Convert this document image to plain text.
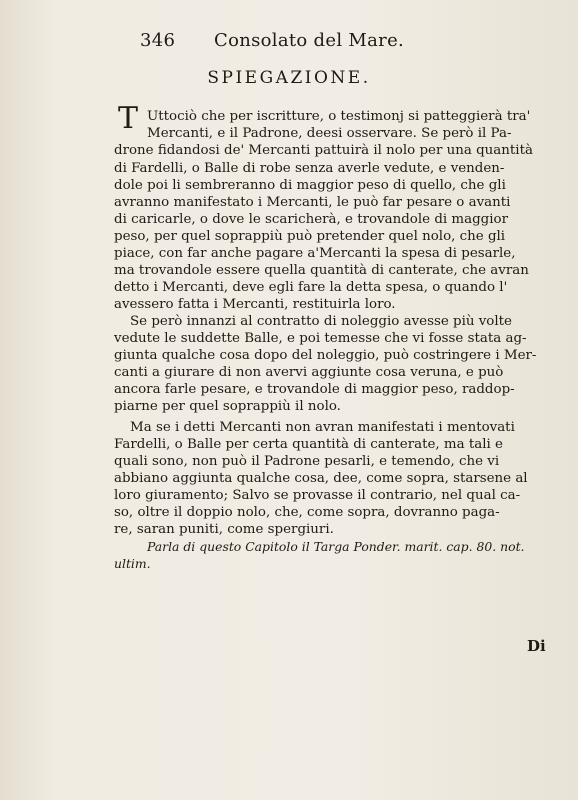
346 Consolato del Mare.
SPIEGAZIONE.
T Uttociò che per iscritture, o testimonj si patteggierà tra'
Mercanti, e il Padrone, deesi osservare. Se però il Pa-
drone fidandosi de' Mercanti pattuirà il nolo per una quantità
di Fardelli, o Balle di robe senza averle vedute, e venden-
dole poi li sembreranno di maggior peso di quello, che gli
avranno manifestato i Mercanti, le può far pesare o avanti
di caricarle, o dove le scaricherà, e trovandole di maggior
peso, per quel soprappiù può pretender quel nolo, che gli
piace, con far anche pagare a'Mercanti la spesa di pesarle,
ma trovandole essere quella quantità di canterate, che avran
detto i Mercanti, deve egli fare la detta spesa, o quando l'
avessero fatta i Mercanti, restituirla loro.
Se però innanzi al contratto di noleggio avesse più volte
vedute le suddette Balle, e poi temesse che vi fosse stata ag-
giunta qualche cosa dopo del noleggio, può costringere i Mer-
canti a giurare di non avervi aggiunte cosa veruna, e può
ancora farle pesare, e trovandole di maggior peso, raddop-
piarne per quel soprappiù il nolo.
Ma se i detti Mercanti non avran manifestati i mentovati
Fardelli, o Balle per certa quantità di canterate, ma tali e
quali sono, non può il Padrone pesarli, e temendo, che vi
abbiano aggiunta qualche cosa, dee, come sopra, starsene al
loro giuramento; Salvo se provasse il contrario, nel qual ca-
so, oltre il doppio nolo, che, come sopra, dovranno paga-
re, saran puniti, come spergiuri.
Parla di questo Capitolo il Targa Ponder. marit. cap. 80. not.
ultim.
Di
